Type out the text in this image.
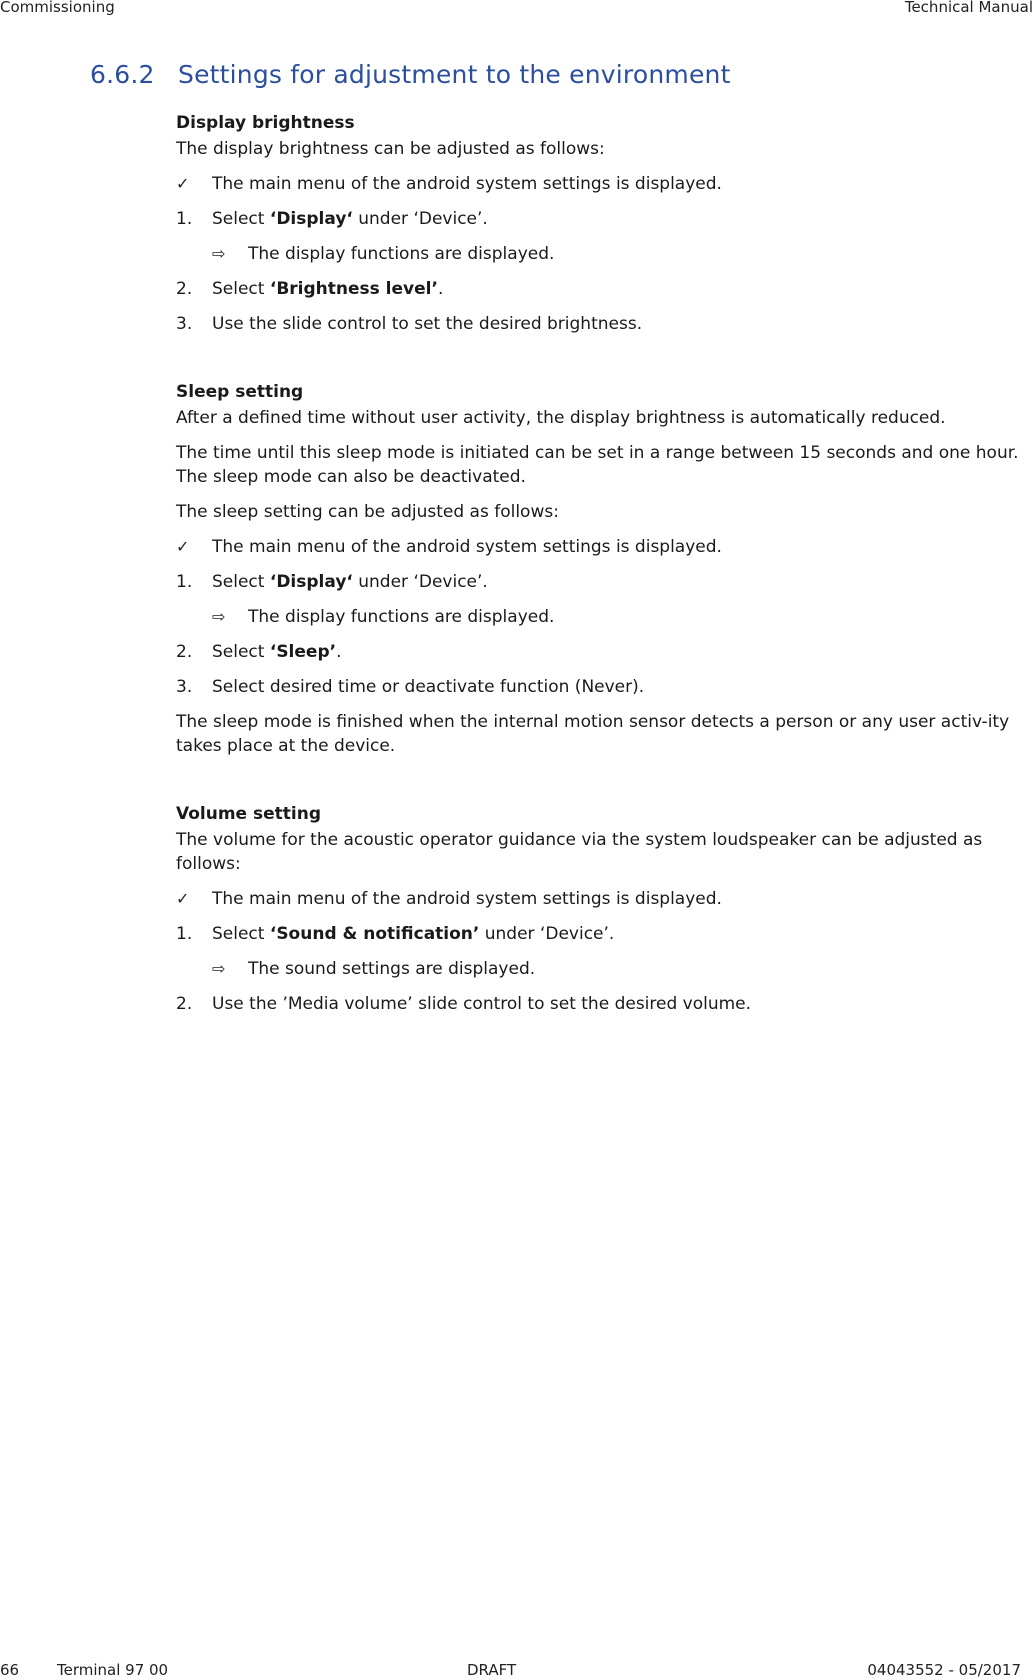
Commissioning	Technical Manual
6.6.2 Settings for adjustment to the environment

Display brightness

The display brightness can be adjusted as follows:

✓	The main menu of the android system settings is displayed.
1.	Select ‘Display‘ under ‘Device’.
⇨	The display functions are displayed.
2.	Select ‘Brightness level’.
3.	Use the slide control to set the desired brightness.

Sleep setting

After a defined time without user activity, the display brightness is automatically reduced.

The time until this sleep mode is initiated can be set in a range between 15 seconds and one hour. The sleep mode can also be deactivated.

The sleep setting can be adjusted as follows:

✓	The main menu of the android system settings is displayed.
1.	Select ‘Display‘ under ‘Device’.
⇨	The display functions are displayed.
2.	Select ‘Sleep’.
3.	Select desired time or deactivate function (Never).

The sleep mode is finished when the internal motion sensor detects a person or any user activ-ity takes place at the device.

Volume setting

The volume for the acoustic operator guidance via the system loudspeaker can be adjusted as follows:

✓	The main menu of the android system settings is displayed.
1.	Select ‘Sound & notification’ under ‘Device’.
⇨	The sound settings are displayed.
2.	Use the ’Media volume’ slide control to set the desired volume.
66	Terminal 97 00	DRAFT	04043552 - 05/2017
